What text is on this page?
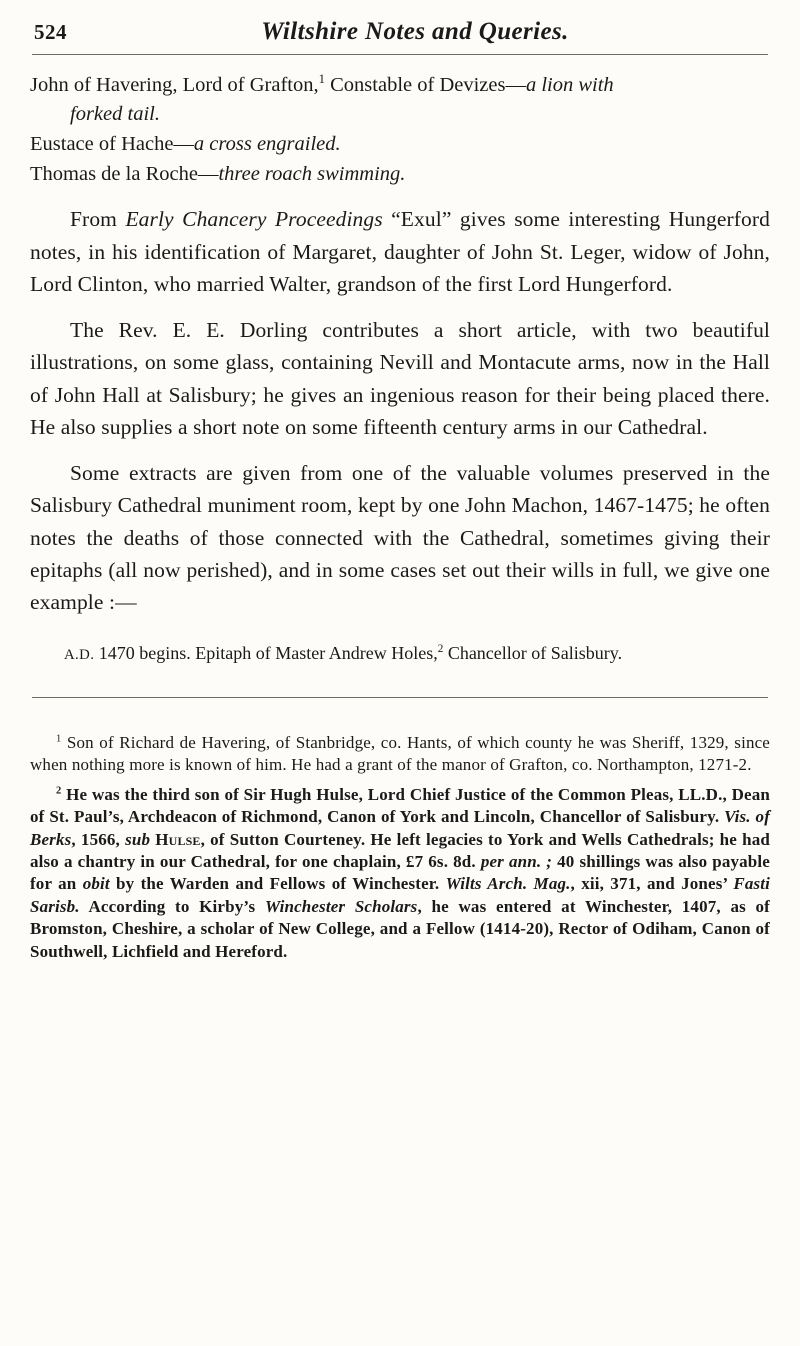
524	Wiltshire Notes and Queries.
John of Havering, Lord of Grafton,$^1$ Constable of Devizes—a lion with
forked tail.
Eustace of Hache—a cross engrailed.
Thomas de la Roche—three roach swimming.

From Early Chancery Proceedings “Exul” gives some interesting Hungerford notes, in his identification of Margaret, daughter of John St. Leger, widow of John, Lord Clinton, who married Walter, grandson of the first Lord Hungerford.

The Rev. E. E. Dorling contributes a short article, with two beautiful illustrations, on some glass, containing Nevill and Montacute arms, now in the Hall of John Hall at Salisbury; he gives an ingenious reason for their being placed there. He also supplies a short note on some fifteenth century arms in our Cathedral.

Some extracts are given from one of the valuable volumes preserved in the Salisbury Cathedral muniment room, kept by one John Machon, 1467-1475; he often notes the deaths of those connected with the Cathedral, sometimes giving their epitaphs (all now perished), and in some cases set out their wills in full, we give one example :—

A.D. 1470 begins. Epitaph of Master Andrew Holes,$^2$ Chancellor of Salisbury.

$^1$ Son of Richard de Havering, of Stanbridge, co. Hants, of which county he was Sheriff, 1329, since when nothing more is known of him. He had a grant of the manor of Grafton, co. Northampton, 1271-2.

$^2$ He was the third son of Sir Hugh Hulse, Lord Chief Justice of the Common Pleas, LL.D., Dean of St. Paul’s, Archdeacon of Richmond, Canon of York and Lincoln, Chancellor of Salisbury. Vis. of Berks, 1566, sub Hulse, of Sutton Courteney. He left legacies to York and Wells Cathedrals; he had also a chantry in our Cathedral, for one chaplain, £7 6s. 8d. per ann. ; 40 shillings was also payable for an obit by the Warden and Fellows of Winchester. Wilts Arch. Mag., xii, 371, and Jones’ Fasti Sarisb. According to Kirby’s Winchester Scholars, he was entered at Winchester, 1407, as of Bromston, Cheshire, a scholar of New College, and a Fellow (1414-20), Rector of Odiham, Canon of Southwell, Lichfield and Hereford.
